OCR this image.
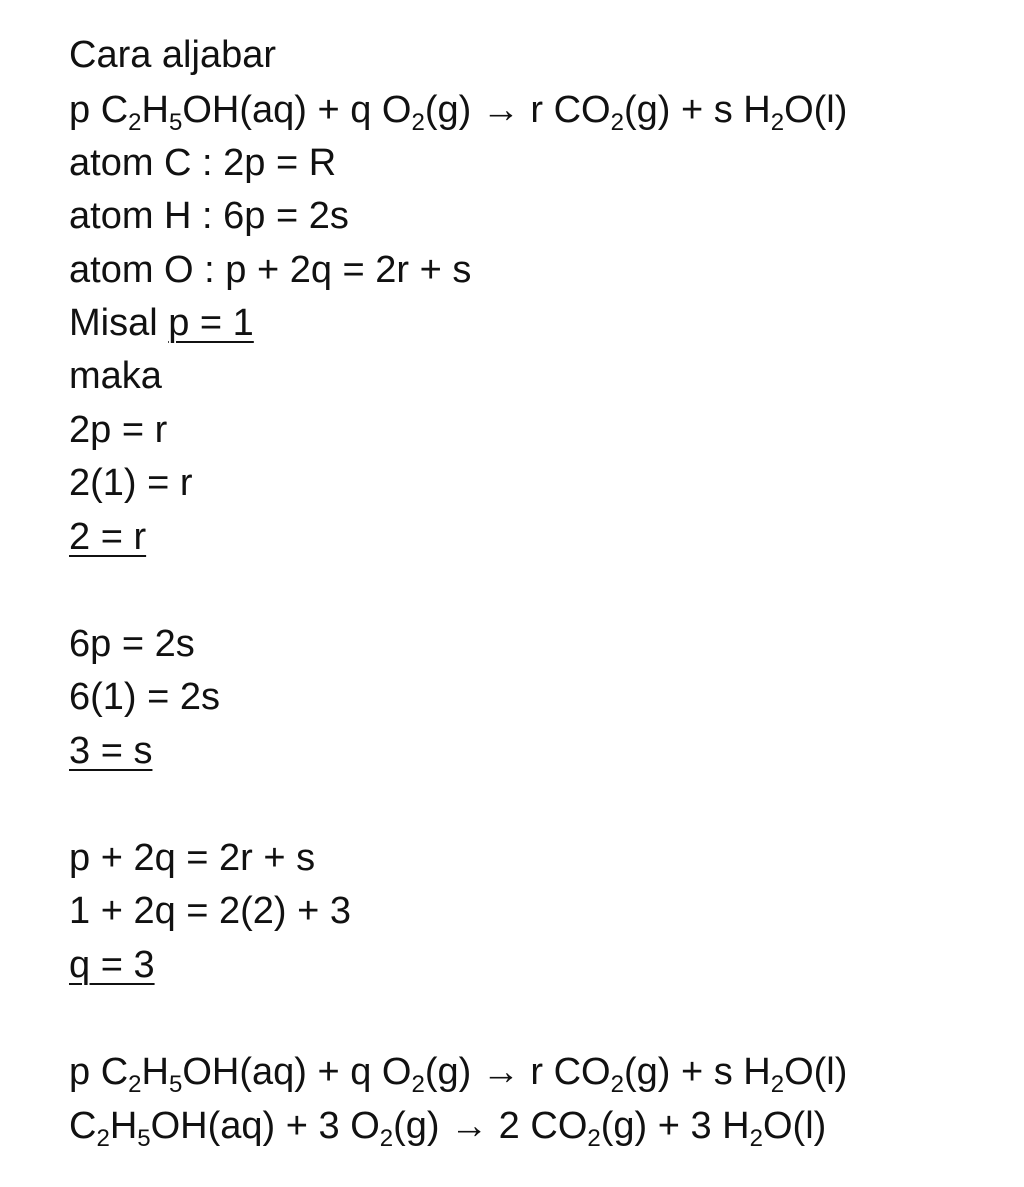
Cara aljabar
p $C_2H_5OH(aq) + q$ $O_2(g) \to r$ $CO_2(g) + s$ $H_2O(l)$
atom C : 2p = R
atom H : 6p = 2s
atom O : p + 2q = 2r + s
Misal p = 1
maka
2p = r
2(1) = r
2 = r
6p = 2s
6(1) = 2s
3 = s
p + 2q = 2r + s
1 + 2q = 2(2) + 3
q = 3
p $C_2H_5OH(aq) + q$ $O_2(g) \to r$ $CO_2(g) + s$ $H_2O(l)$
$C_2H_5OH(aq) + 3$ $O_2(g) \to 2$ $CO_2(g) + 3$ $H_2O(l)$
